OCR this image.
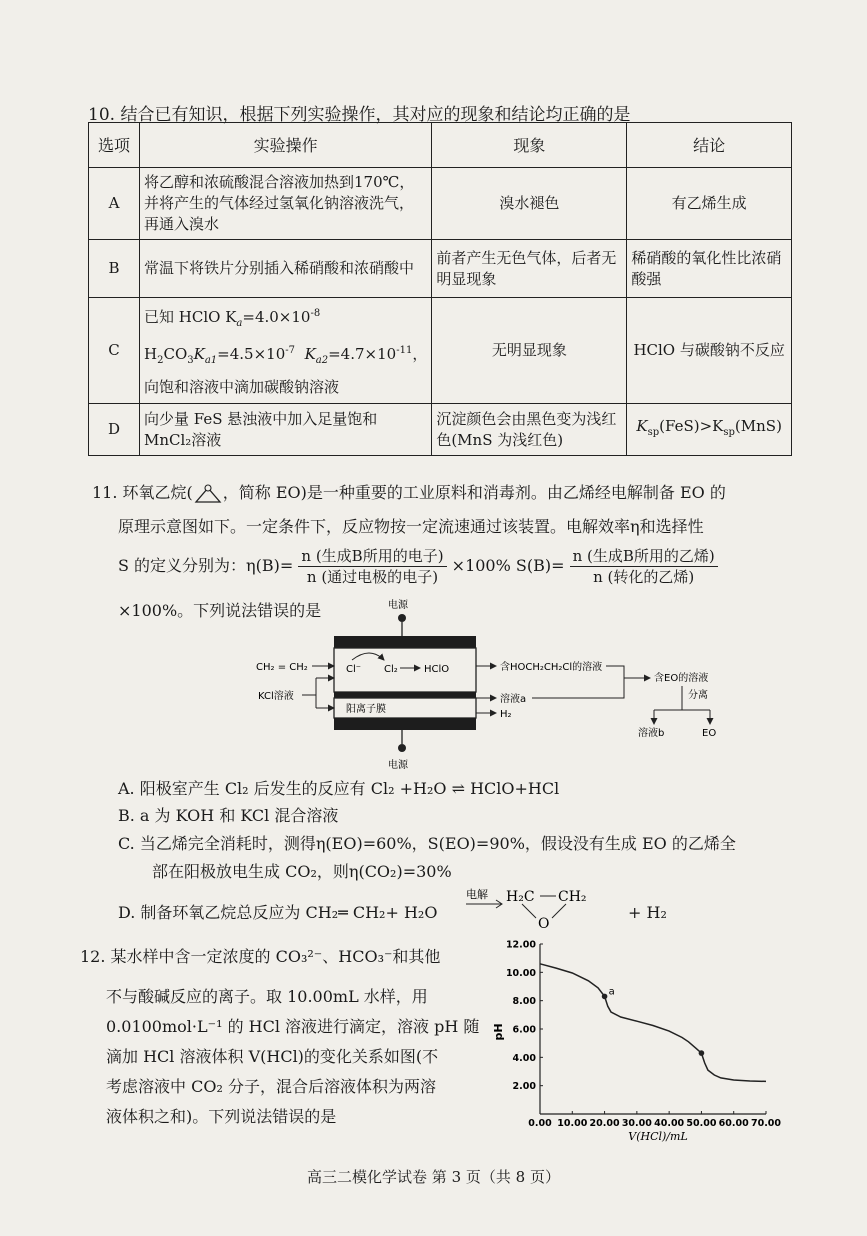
10. 结合已有知识，根据下列实验操作，其对应的现象和结论均正确的是
选项	实验操作	现象	结论
A	将乙醇和浓硫酸混合溶液加热到170℃，并将产生的气体经过氢氧化钠溶液洗气，再通入溴水	溴水褪色	有乙烯生成
B	常温下将铁片分别插入稀硝酸和浓硝酸中	前者产生无色气体，后者无明显现象	稀硝酸的氧化性比浓硝酸强
C	已知 HClO $K_a=4.0\times 10^{-8}$
$H_2CO_3K_{a1}=4.5\times 10^{-7}$ $K_{a2}=4.7\times 10^{-11}$，
向饱和溶液中滴加碳酸钠溶液	无明显现象	HClO 与碳酸钠不反应
D	向少量 FeS 悬浊液中加入足量饱和 MnCl₂溶液	沉淀颜色会由黑色变为浅红色(MnS 为浅红色)	$K_{sp}(FeS)>K_{sp}(MnS)$
11. 环氧乙烷( ，简称 EO)是一种重要的工业原料和消毒剂。由乙烯经电解制备 EO 的
原理示意图如下。一定条件下，反应物按一定流速通过该装置。电解效率η和选择性
S 的定义分别为：$\eta(B)= \frac{\text{n (生成B所用的电子)}}{\text{n (通过电极的电子)}} \times 100\%$ $S(B)= \frac{\text{n (生成B所用的乙烯)}}{\text{n (转化的乙烯)}}$
×100%。下列说法错误的是	电源
电源
CH₂ = CH₂
KCl溶液
Cl⁻ Cl₂	HClO
阳离子膜
含HOCH₂CH₂Cl的溶液
溶液a
H₂
含EO的溶液
分离
溶液b	EO
A. 阳极室产生 Cl₂ 后发生的反应有 Cl₂ +H₂O ⇌ HClO+HCl
B. a 为 KOH 和 KCl 混合溶液
C. 当乙烯完全消耗时，测得η(EO)=60%，S(EO)=90%，假设没有生成 EO 的乙烯全
部在阳极放电生成 CO₂，则η(CO₂)=30%
D. 制备环氧乙烷总反应为 CH₂═ CH₂+ H₂O
电解 H₂C CH₂
O
+ H₂
12. 某水样中含一定浓度的 CO₃²⁻、HCO₃⁻和其他
不与酸碱反应的离子。取 10.00mL 水样，用
0.0100mol·L⁻¹ 的 HCl 溶液进行滴定，溶液 pH 随
滴加 HCl 溶液体积 V(HCl)的变化关系如图(不
考虑溶液中 CO₂ 分子，混合后溶液体积为两溶
液体积之和)。下列说法错误的是	0.00 10.00 20.00 30.00 40.00 50.00 60.00 70.00
2.00
4.00
6.00
8.00
10.00
12.00
a
V(HCl)/mL
pH
高三二模化学试卷 第 3 页（共 8 页）
